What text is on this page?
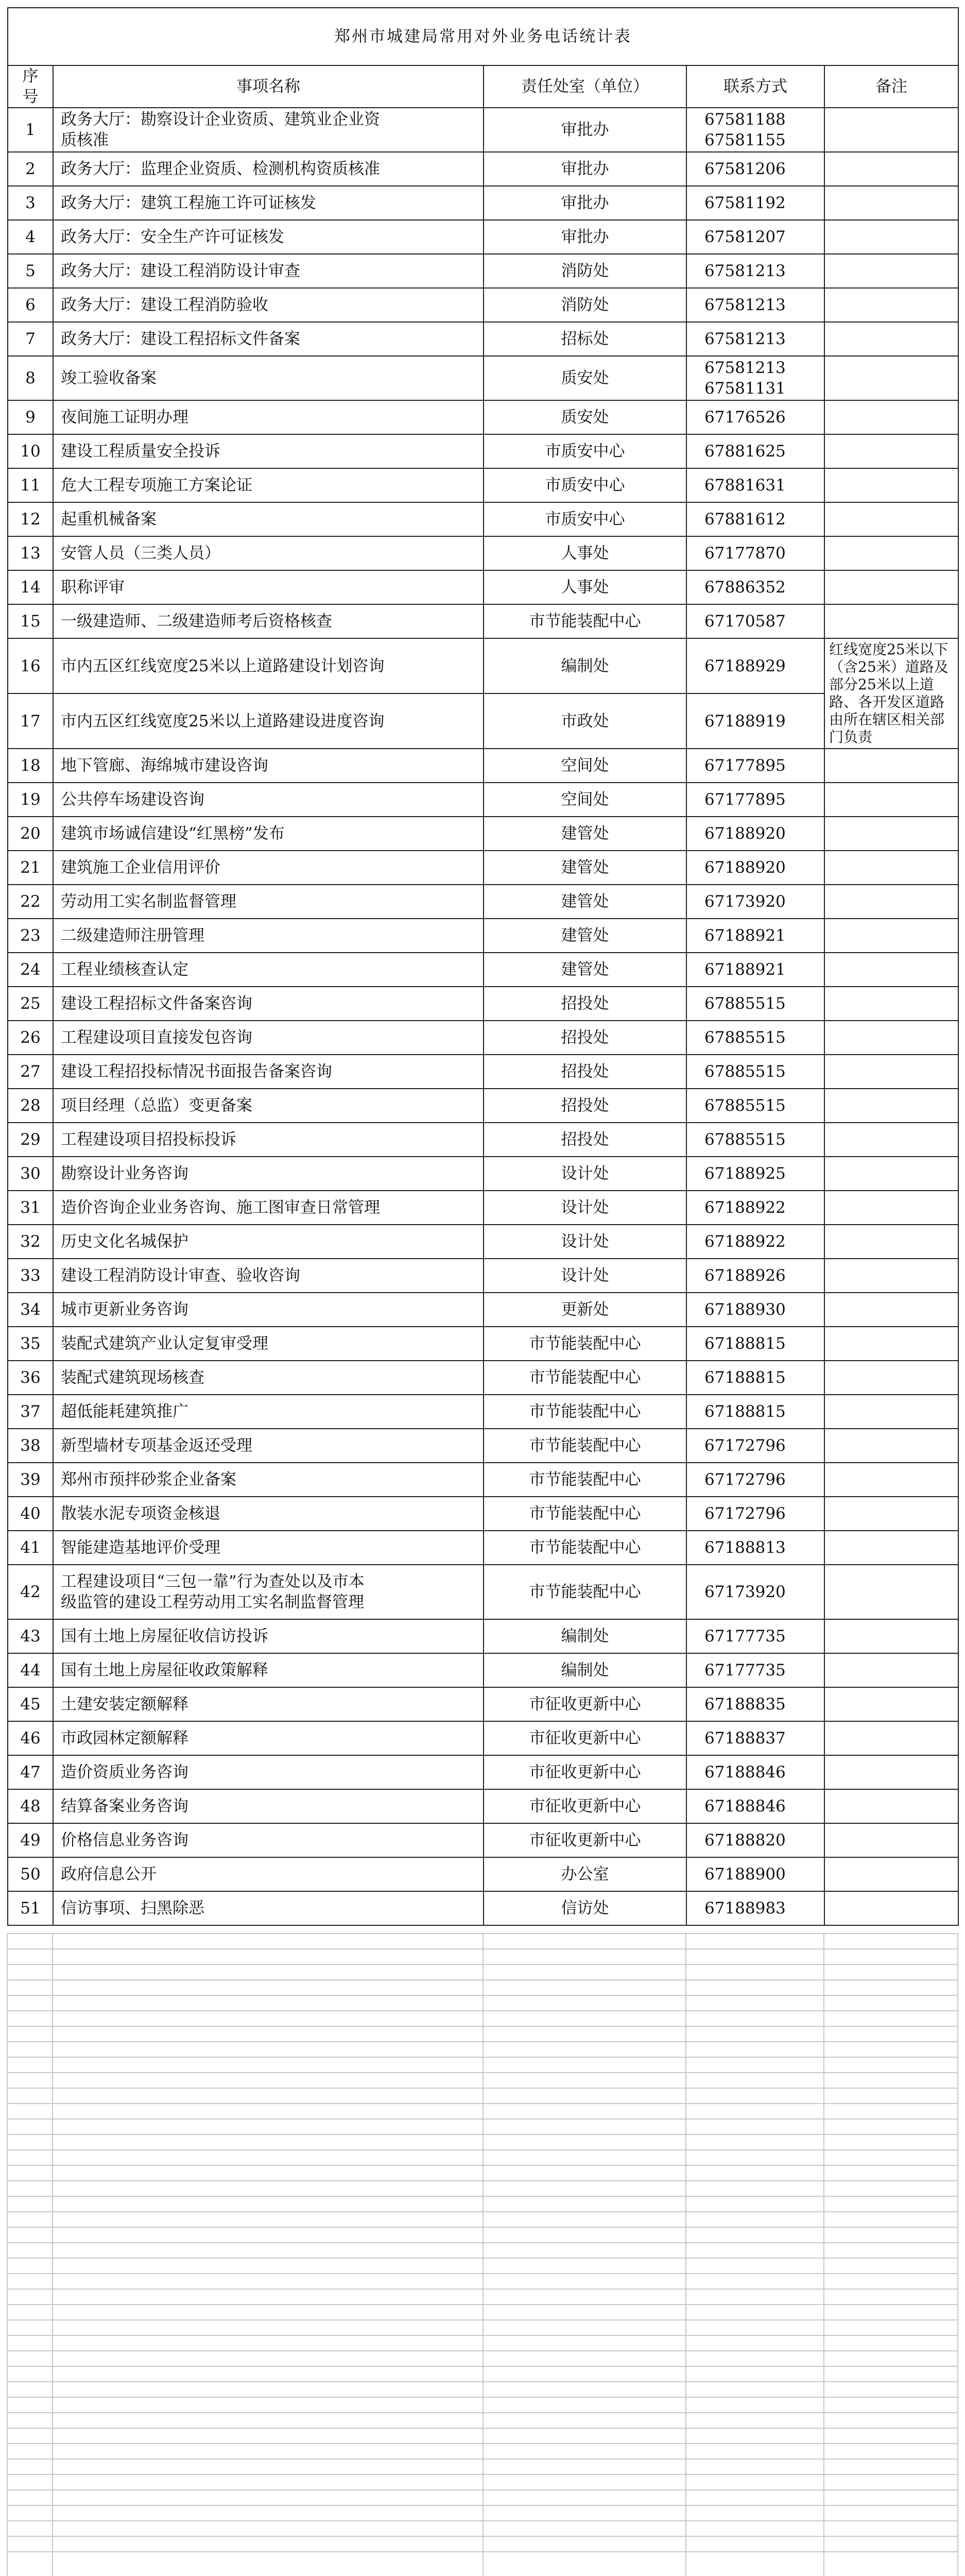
郑州市城建局常用对外业务电话统计表				
序号	事项名称	责任处室（单位）	联系方式	备注
1	政务大厅：勘察设计企业资质、建筑业企业资
质核准	审批办	67581188
67581155	

2	政务大厅：监理企业资质、检测机构资质核准	审批办	67581206	

3	政务大厅：建筑工程施工许可证核发	审批办	67581192	

4	政务大厅：安全生产许可证核发	审批办	67581207	

5	政务大厅：建设工程消防设计审查	消防处	67581213	

6	政务大厅：建设工程消防验收	消防处	67581213	

7	政务大厅：建设工程招标文件备案	招标处	67581213	

8	竣工验收备案	质安处	67581213
67581131	

9	夜间施工证明办理	质安处	67176526	

10	建设工程质量安全投诉	市质安中心	67881625	

11	危大工程专项施工方案论证	市质安中心	67881631	

12	起重机械备案	市质安中心	67881612	

13	安管人员（三类人员）	人事处	67177870	

14	职称评审	人事处	67886352	

15	一级建造师、二级建造师考后资格核查	市节能装配中心	67170587	

16	市内五区红线宽度25米以上道路建设计划咨询	编制处	67188929	红线宽度25米以下（含25米）道路及部分25米以上道路、各开发区道路由所在辖区相关部门负责
17	市内五区红线宽度25米以上道路建设进度咨询	市政处	67188919	

18	地下管廊、海绵城市建设咨询	空间处	67177895	

19	公共停车场建设咨询	空间处	67177895	

20	建筑市场诚信建设“红黑榜”发布	建管处	67188920	

21	建筑施工企业信用评价	建管处	67188920	

22	劳动用工实名制监督管理	建管处	67173920	

23	二级建造师注册管理	建管处	67188921	

24	工程业绩核查认定	建管处	67188921	

25	建设工程招标文件备案咨询	招投处	67885515	

26	工程建设项目直接发包咨询	招投处	67885515	

27	建设工程招投标情况书面报告备案咨询	招投处	67885515	

28	项目经理（总监）变更备案	招投处	67885515	

29	工程建设项目招投标投诉	招投处	67885515	

30	勘察设计业务咨询	设计处	67188925	

31	造价咨询企业业务咨询、施工图审查日常管理	设计处	67188922	

32	历史文化名城保护	设计处	67188922	

33	建设工程消防设计审查、验收咨询	设计处	67188926	

34	城市更新业务咨询	更新处	67188930	

35	装配式建筑产业认定复审受理	市节能装配中心	67188815	

36	装配式建筑现场核查	市节能装配中心	67188815	

37	超低能耗建筑推广	市节能装配中心	67188815	

38	新型墙材专项基金返还受理	市节能装配中心	67172796	

39	郑州市预拌砂浆企业备案	市节能装配中心	67172796	

40	散装水泥专项资金核退	市节能装配中心	67172796	

41	智能建造基地评价受理	市节能装配中心	67188813	

42	工程建设项目“三包一靠”行为查处以及市本
级监管的建设工程劳动用工实名制监督管理	市节能装配中心	67173920	

43	国有土地上房屋征收信访投诉	编制处	67177735	

44	国有土地上房屋征收政策解释	编制处	67177735	

45	土建安装定额解释	市征收更新中心	67188835	

46	市政园林定额解释	市征收更新中心	67188837	

47	造价资质业务咨询	市征收更新中心	67188846	

48	结算备案业务咨询	市征收更新中心	67188846	

49	价格信息业务咨询	市征收更新中心	67188820	

50	政府信息公开	办公室	67188900	

51	信访事项、扫黑除恶	信访处	67188983	
